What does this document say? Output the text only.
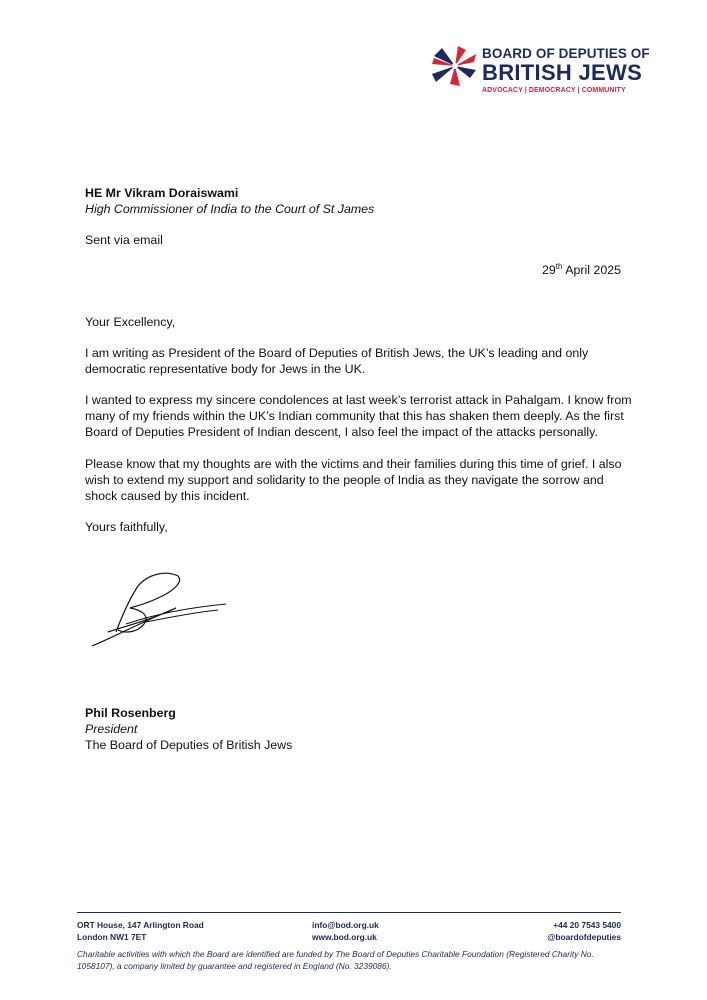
BOARD OF DEPUTIES OF
BRITISH JEWS
ADVOCACY | DEMOCRACY | COMMUNITY
HE Mr Vikram Doraiswami
High Commissioner of India to the Court of St James
Sent via email
29th April 2025
Your Excellency,
I am writing as President of the Board of Deputies of British Jews, the UK’s leading and only
democratic representative body for Jews in the UK.
I wanted to express my sincere condolences at last week’s terrorist attack in Pahalgam. I know from
many of my friends within the UK’s Indian community that this has shaken them deeply. As the first
Board of Deputies President of Indian descent, I also feel the impact of the attacks personally.
Please know that my thoughts are with the victims and their families during this time of grief. I also
wish to extend my support and solidarity to the people of India as they navigate the sorrow and
shock caused by this incident.
Yours faithfully,
Phil Rosenberg
President
The Board of Deputies of British Jews
ORT House, 147 Arlington Road
London NW1 7ET
info@bod.org.uk
www.bod.org.uk
+44 20 7543 5400
@boardofdeputies
Charitable activities with which the Board are identified are funded by The Board of Deputies Charitable Foundation (Registered Charity No. 1058107), a company limited by guarantee and registered in England (No. 3239086).
